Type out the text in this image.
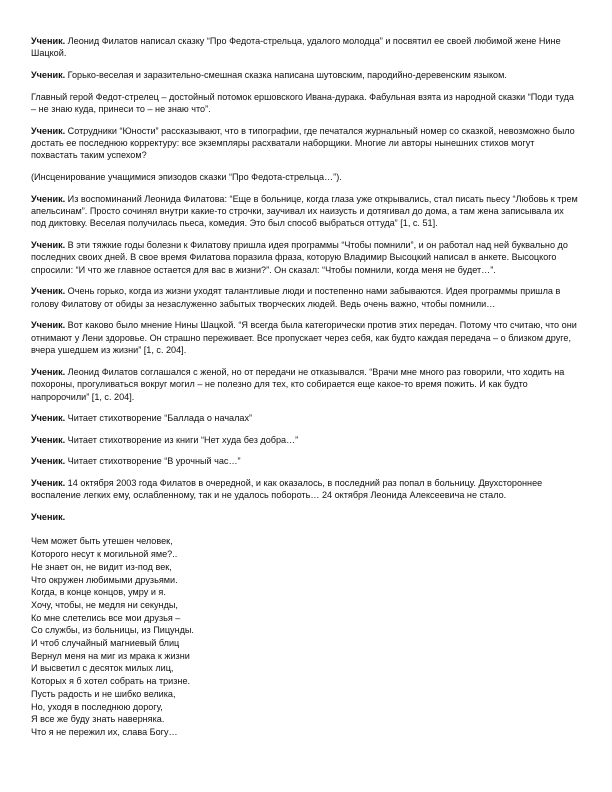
Ученик. Леонид Филатов написал сказку “Про Федота-стрельца, удалого молодца” и посвятил ее своей любимой жене Нине Шацкой.

Ученик. Горько-веселая и заразительно-смешная сказка написана шутовским, пародийно-деревенским языком.

Главный герой Федот-стрелец – достойный потомок ершовского Ивана-дурака. Фабульная взята из народной сказки “Поди туда – не знаю куда, принеси то – не знаю что”.

Ученик. Сотрудники “Юности” рассказывают, что в типографии, где печатался журнальный номер со сказкой, невозможно было достать ее последнюю корректуру: все экземпляры расхватали наборщики. Многие ли авторы нынешних стихов могут похвастать таким успехом?

(Инсценирование учащимися эпизодов сказки “Про Федота-стрельца…”).

Ученик. Из воспоминаний Леонида Филатова: “Еще в больнице, когда глаза уже открывались, стал писать пьесу “Любовь к трем апельсинам”. Просто сочинял внутри какие-то строчки, заучивал их наизусть и дотягивал до дома, а там жена записывала их под диктовку. Веселая получилась пьеса, комедия. Это был способ выбраться оттуда” [1, с. 51].

Ученик. В эти тяжкие годы болезни к Филатову пришла идея программы “Чтобы помнили”, и он работал над ней буквально до последних своих дней. В свое время Филатова поразила фраза, которую Владимир Высоцкий написал в анкете. Высоцкого спросили: “И что же главное остается для вас в жизни?”. Он сказал: “Чтобы помнили, когда меня не будет…”.

Ученик. Очень горько, когда из жизни уходят талантливые люди и постепенно нами забываются. Идея программы пришла в голову Филатову от обиды за незаслуженно забытых творческих людей. Ведь очень важно, чтобы помнили…

Ученик. Вот каково было мнение Нины Шацкой. “Я всегда была категорически против этих передач. Потому что считаю, что они отнимают у Лени здоровье. Он страшно переживает. Все пропускает через себя, как будто каждая передача – о близком друге, вчера ушедшем из жизни” [1, с. 204].

Ученик. Леонид Филатов соглашался с женой, но от передачи не отказывался. “Врачи мне много раз говорили, что ходить на похороны, прогуливаться вокруг могил – не полезно для тех, кто собирается еще какое-то время пожить. И как будто напророчили” [1, с. 204].

Ученик. Читает стихотворение “Баллада о началах”

Ученик. Читает стихотворение из книги “Нет худа без добра…”

Ученик. Читает стихотворение “В урочный час…”

Ученик. 14 октября 2003 года Филатов в очередной, и как оказалось, в последний раз попал в больницу. Двухстороннее воспаление легких ему, ослабленному, так и не удалось побороть… 24 октября Леонида Алексеевича не стало.

Ученик.
Чем может быть утешен человек,
Которого несут к могильной яме?..
Не знает он, не видит из-под век,
Что окружен любимыми друзьями.
Когда, в конце концов, умру и я.
Хочу, чтобы, не медля ни секунды,
Ко мне слетелись все мои друзья –
Со службы, из больницы, из Пицунды.
И чтоб случайный магниевый блиц
Вернул меня на миг из мрака к жизни
И высветил с десяток милых лиц,
Которых я б хотел собрать на тризне.
Пусть радость и не шибко велика,
Но, уходя в последнюю дорогу,
Я все же буду знать наверняка.
Что я не пережил их, слава Богу…
